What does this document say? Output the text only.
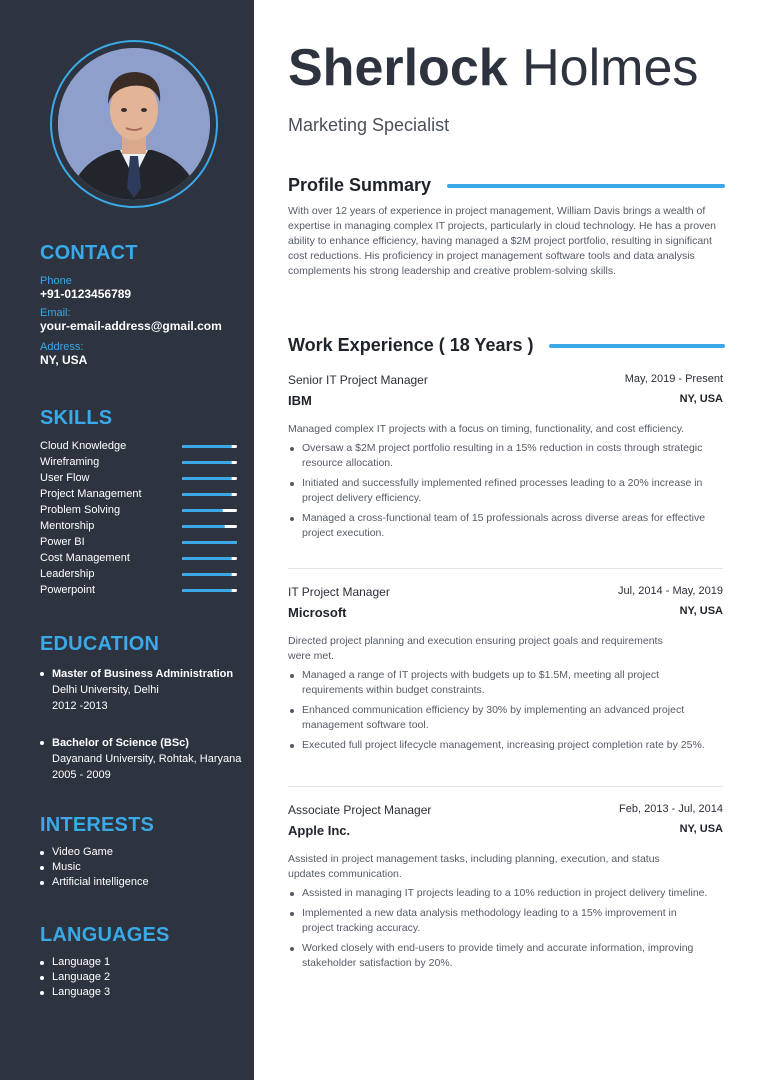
CONTACT
Phone
+91-0123456789
Email:
your-email-address@gmail.com
Address:
NY, USA
SKILLS
Cloud Knowledge
Wireframing
User Flow
Project Management
Problem Solving
Mentorship
Power BI
Cost Management
Leadership
Powerpoint
EDUCATION
Master of Business Administration
Delhi University, Delhi
2012 -2013
Bachelor of Science (BSc)
Dayanand University, Rohtak, Haryana
2005 - 2009
INTERESTS
Video Game
Music
Artificial intelligence
LANGUAGES
Language 1
Language 2
Language 3
Sherlock Holmes
Marketing Specialist
Profile Summary
With over 12 years of experience in project management, William Davis brings a wealth of expertise in managing complex IT projects, particularly in cloud technology. He has a proven ability to enhance efficiency, having managed a $2M project portfolio, resulting in significant cost reductions. His proficiency in project management software tools and data analysis complements his strong leadership and creative problem-solving skills.
Work Experience ( 18 Years )
Senior IT Project Manager	May, 2019 - Present
IBM	NY, USA
Managed complex IT projects with a focus on timing, functionality, and cost efficiency.
Oversaw a $2M project portfolio resulting in a 15% reduction in costs through strategic resource allocation.
Initiated and successfully implemented refined processes leading to a 20% increase in project delivery efficiency.
Managed a cross-functional team of 15 professionals across diverse areas for effective project execution.
IT Project Manager	Jul, 2014 - May, 2019
Microsoft	NY, USA
Directed project planning and execution ensuring project goals and requirements were met.
Managed a range of IT projects with budgets up to $1.5M, meeting all project requirements within budget constraints.
Enhanced communication efficiency by 30% by implementing an advanced project management software tool.
Executed full project lifecycle management, increasing project completion rate by 25%.
Associate Project Manager	Feb, 2013 - Jul, 2014
Apple Inc.	NY, USA
Assisted in project management tasks, including planning, execution, and status updates communication.
Assisted in managing IT projects leading to a 10% reduction in project delivery timeline.
Implemented a new data analysis methodology leading to a 15% improvement in project tracking accuracy.
Worked closely with end-users to provide timely and accurate information, improving stakeholder satisfaction by 20%.
